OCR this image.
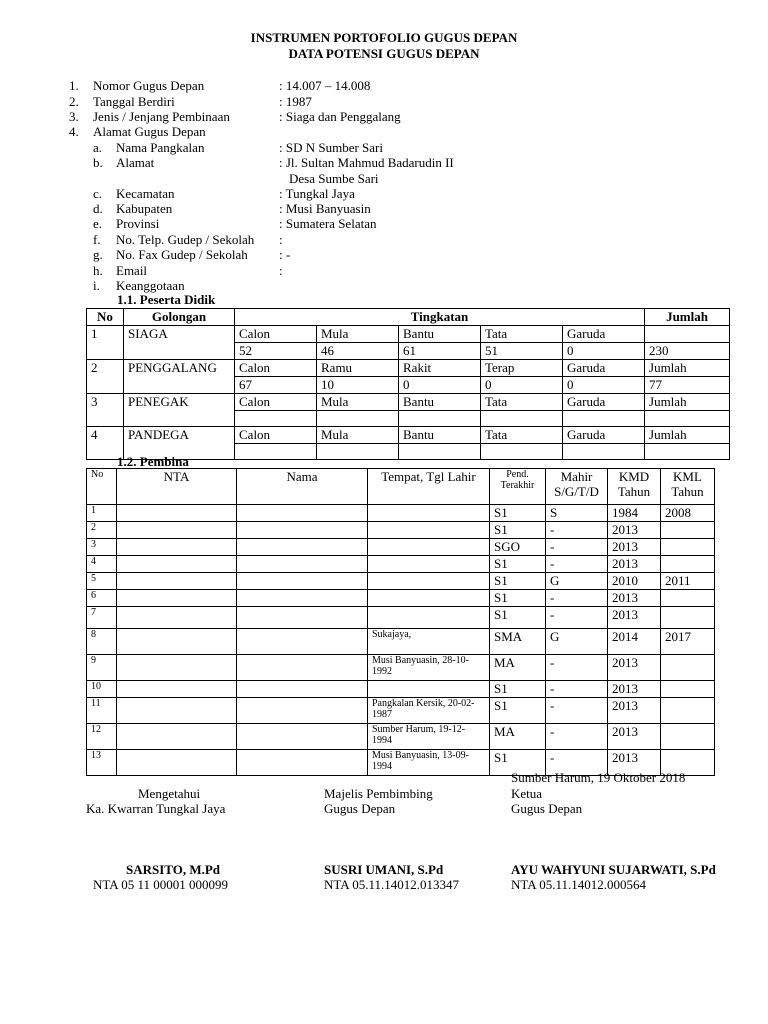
INSTRUMEN PORTOFOLIO GUGUS DEPAN
DATA POTENSI GUGUS DEPAN
1. Nomor Gugus Depan	: 14.007 – 14.008
2. Tanggal Berdiri	: 1987
3. Jenis / Jenjang Pembinaan	: Siaga dan Penggalang
4. Alamat Gugus Depan
a. Nama Pangkalan	: SD N Sumber Sari
b. Alamat	: Jl. Sultan Mahmud Badarudin II
Desa Sumbe Sari
c. Kecamatan	: Tungkal Jaya
d. Kabupaten	: Musi Banyuasin
e. Provinsi	: Sumatera Selatan
f. No. Telp. Gudep / Sekolah :
g. No. Fax Gudep / Sekolah : -
h. Email	:
i. Keanggotaan
1.1. Peserta Didik
No	Golongan	Tingkatan					Jumlah
1	SIAGA	Calon	Mula	Bantu	Tata	Garuda	
		52	46	61	51	0	230
2	PENGGALANG	Calon	Ramu	Rakit	Terap	Garuda	Jumlah
		67	10	0	0	0	77
3	PENEGAK	Calon	Mula	Bantu	Tata	Garuda	Jumlah

4	PANDEGA	Calon	Mula	Bantu	Tata	Garuda	Jumlah

1.2. Pembina
No	NTA	Nama	Tempat, Tgl Lahir	Pend. Terakhir	Mahir S/G/T/D	KMD Tahun	KML Tahun
1				S1	S	1984	2008
2				S1	-	2013	
3				SGO	-	2013	
4				S1	-	2013	
5				S1	G	2010	2011
6				S1	-	2013	
7				S1	-	2013	
8			Sukajaya,	SMA	G	2014	2017
9			Musi Banyuasin, 28-10-1992	MA	-	2013	
10				S1	-	2013	
11			Pangkalan Kersik, 20-02-1987	S1	-	2013	
12			Sumber Harum, 19-12-1994	MA	-	2013	
13			Musi Banyuasin, 13-09-1994	S1	-	2013	
Sumber Harum, 19 Oktober 2018
Mengetahui
Ka. Kwarran Tungkal Jaya
SARSITO, M.Pd
NTA 05 11 00001 000099
Majelis Pembimbing
Gugus Depan
SUSRI UMANI, S.Pd
NTA 05.11.14012.013347
Ketua
Gugus Depan
AYU WAHYUNI SUJARWATI, S.Pd
NTA 05.11.14012.000564
